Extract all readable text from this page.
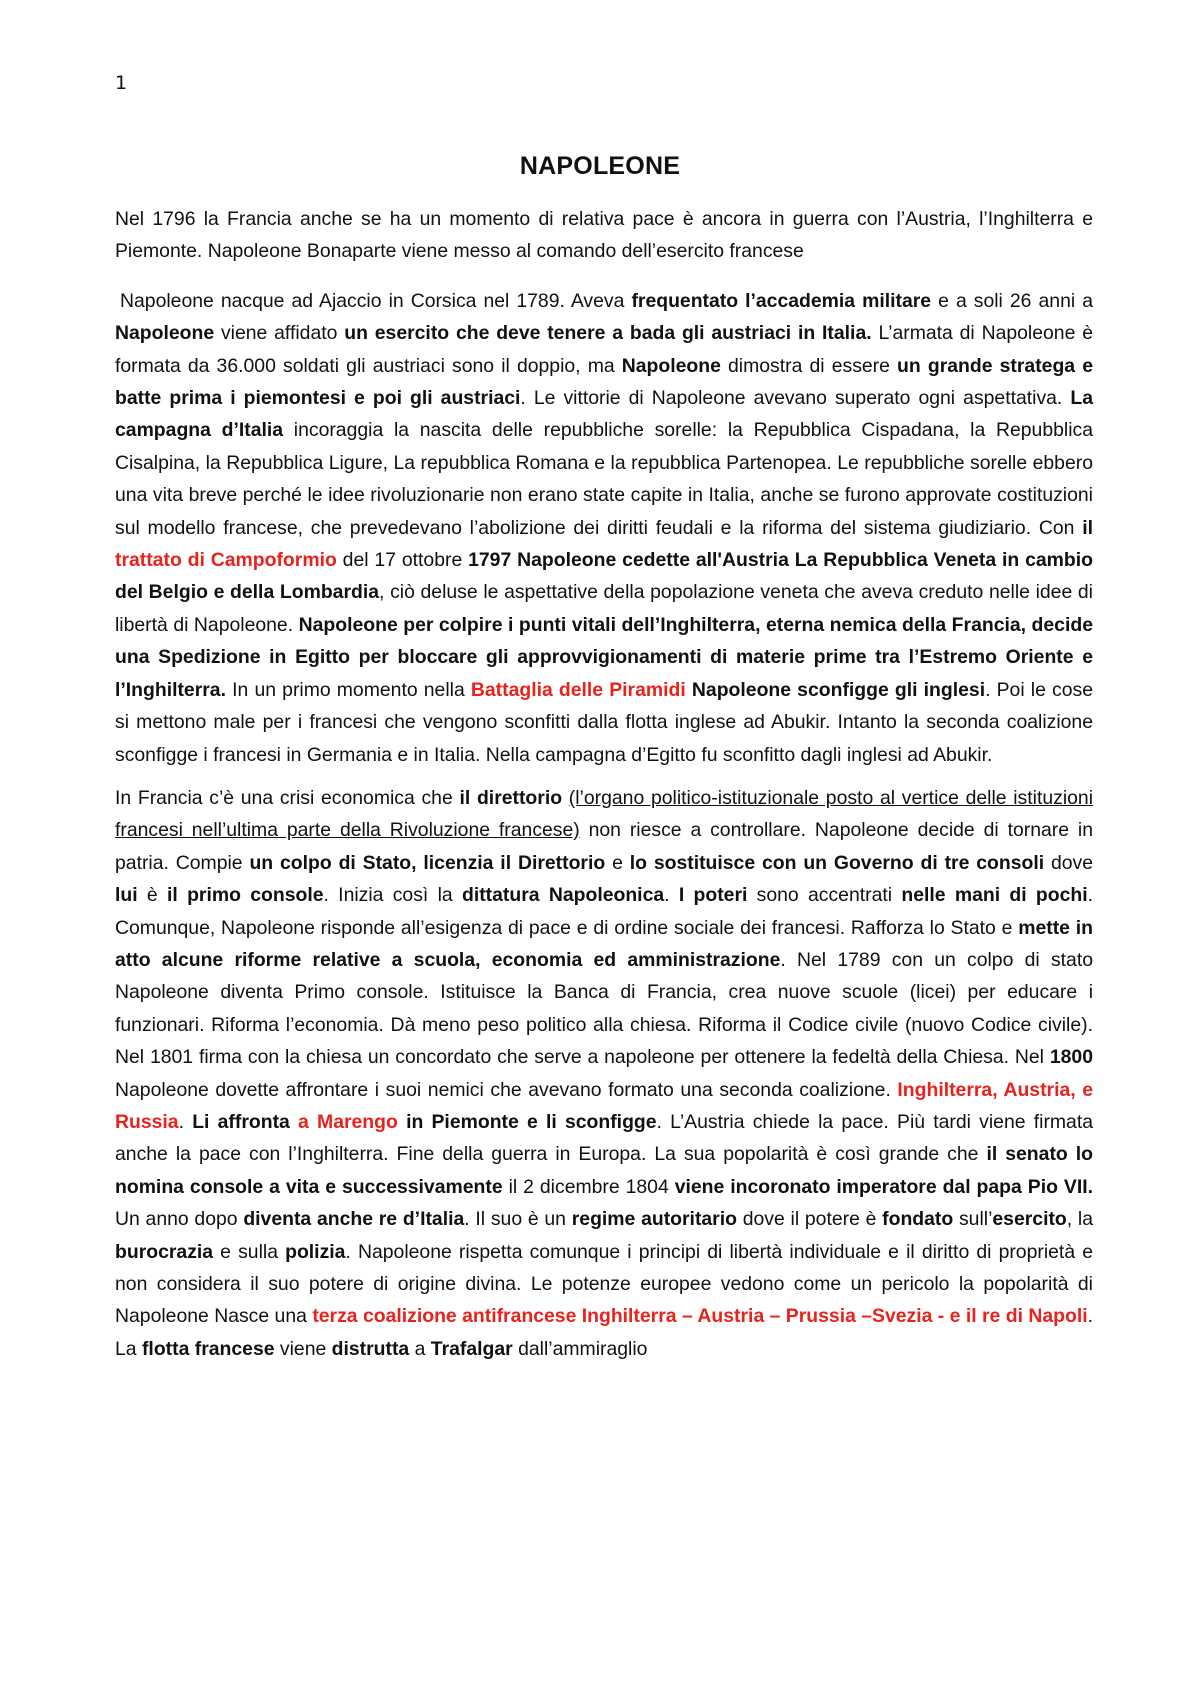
1
NAPOLEONE

Nel 1796 la Francia anche se ha un momento di relativa pace è ancora in guerra con l’Austria, l’Inghilterra e Piemonte. Napoleone Bonaparte viene messo al comando dell’esercito francese

Napoleone nacque ad Ajaccio in Corsica nel 1789. Aveva frequentato l’accademia militare e a soli 26 anni a Napoleone viene affidato un esercito che deve tenere a bada gli austriaci in Italia. L’armata di Napoleone è formata da 36.000 soldati gli austriaci sono il doppio, ma Napoleone dimostra di essere un grande stratega e batte prima i piemontesi e poi gli austriaci. Le vittorie di Napoleone avevano superato ogni aspettativa. La campagna d’Italia incoraggia la nascita delle repubbliche sorelle: la Repubblica Cispadana, la Repubblica Cisalpina, la Repubblica Ligure, La repubblica Romana e la repubblica Partenopea. Le repubbliche sorelle ebbero una vita breve perché le idee rivoluzionarie non erano state capite in Italia, anche se furono approvate costituzioni sul modello francese, che prevedevano l’abolizione dei diritti feudali e la riforma del sistema giudiziario. Con il trattato di Campoformio del 17 ottobre 1797 Napoleone cedette all'Austria La Repubblica Veneta in cambio del Belgio e della Lombardia, ciò deluse le aspettative della popolazione veneta che aveva creduto nelle idee di libertà di Napoleone. Napoleone per colpire i punti vitali dell’Inghilterra, eterna nemica della Francia, decide una Spedizione in Egitto per bloccare gli approvvigionamenti di materie prime tra l’Estremo Oriente e l’Inghilterra. In un primo momento nella Battaglia delle Piramidi Napoleone sconfigge gli inglesi. Poi le cose si mettono male per i francesi che vengono sconfitti dalla flotta inglese ad Abukir. Intanto la seconda coalizione sconfigge i francesi in Germania e in Italia. Nella campagna d’Egitto fu sconfitto dagli inglesi ad Abukir.

In Francia c’è una crisi economica che il direttorio (l’organo politico-istituzionale posto al vertice delle istituzioni francesi nell’ultima parte della Rivoluzione francese) non riesce a controllare. Napoleone decide di tornare in patria. Compie un colpo di Stato, licenzia il Direttorio e lo sostituisce con un Governo di tre consoli dove lui è il primo console. Inizia così la dittatura Napoleonica. I poteri sono accentrati nelle mani di pochi. Comunque, Napoleone risponde all’esigenza di pace e di ordine sociale dei francesi. Rafforza lo Stato e mette in atto alcune riforme relative a scuola, economia ed amministrazione. Nel 1789 con un colpo di stato Napoleone diventa Primo console. Istituisce la Banca di Francia, crea nuove scuole (licei) per educare i funzionari. Riforma l’economia. Dà meno peso politico alla chiesa. Riforma il Codice civile (nuovo Codice civile). Nel 1801 firma con la chiesa un concordato che serve a napoleone per ottenere la fedeltà della Chiesa. Nel 1800 Napoleone dovette affrontare i suoi nemici che avevano formato una seconda coalizione. Inghilterra, Austria, e Russia. Li affronta a Marengo in Piemonte e li sconfigge. L’Austria chiede la pace. Più tardi viene firmata anche la pace con l’Inghilterra. Fine della guerra in Europa. La sua popolarità è così grande che il senato lo nomina console a vita e successivamente il 2 dicembre 1804 viene incoronato imperatore dal papa Pio VII. Un anno dopo diventa anche re d’Italia. Il suo è un regime autoritario dove il potere è fondato sull’esercito, la burocrazia e sulla polizia. Napoleone rispetta comunque i principi di libertà individuale e il diritto di proprietà e non considera il suo potere di origine divina. Le potenze europee vedono come un pericolo la popolarità di Napoleone Nasce una terza coalizione antifrancese Inghilterra – Austria – Prussia –Svezia - e il re di Napoli. La flotta francese viene distrutta a Trafalgar dall’ammiraglio
